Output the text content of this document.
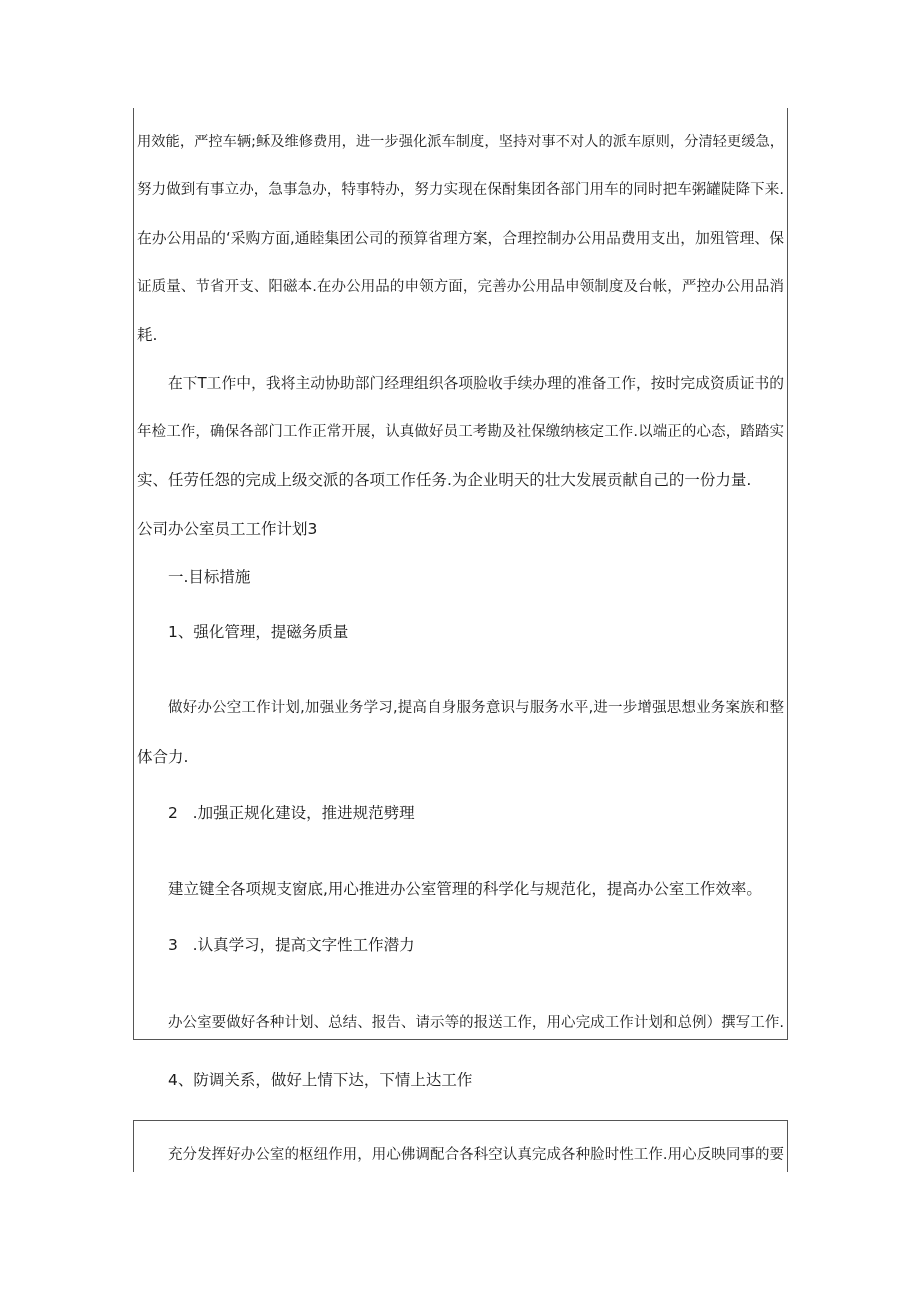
用效能，严控车辆;稣及维修费用，进一步强化派车制度，坚持对事不对人的派车原则，分清轻更缓急，
努力做到有事立办，急事急办，特事特办，努力实现在保酎集团各部门用车的同时把车粥罐陡降下来.
在办公用品的‘采购方面,通睦集团公司的预算省理方案，合理控制办公用品费用支出，加殂管理、保
证质量、节省开支、阳磁本.在办公用品的申领方面，完善办公用品申领制度及台帐，严控办公用品消
耗.
在下T工作中，我将主动协助部门经理组织各项脸收手续办理的准备工作，按时完成资质证书的
年检工作，确保各部门工作正常开展，认真做好员工考勘及社保缴纳核定工作.以端正的心态，踏踏实
实、任劳任怨的完成上级交派的各项工作任务.为企业明天的壮大发展贡献自己的一份力量.
公司办公室员工工作计划3
一.目标措施
1、强化管理，提磁务质量
做好办公空工作计划,加强业务学习,提高自身服务意识与服务水平,进一步增强思想业务案族和整
体合力.
2   .加强正规化建设，推进规范劈理
建立键全各项规支窗底,用心推进办公室管理的科学化与规范化，提高办公室工作效率。
3   .认真学习，提高文字性工作潜力
办公室要做好各种计划、总结、报告、请示等的报送工作，用心完成工作计划和总例）撰写工作.
4、防调关系，做好上情下达，下情上达工作
充分发挥好办公室的枢纽作用，用心佛调配合各科空认真完成各种脸时性工作.用心反映同事的要
